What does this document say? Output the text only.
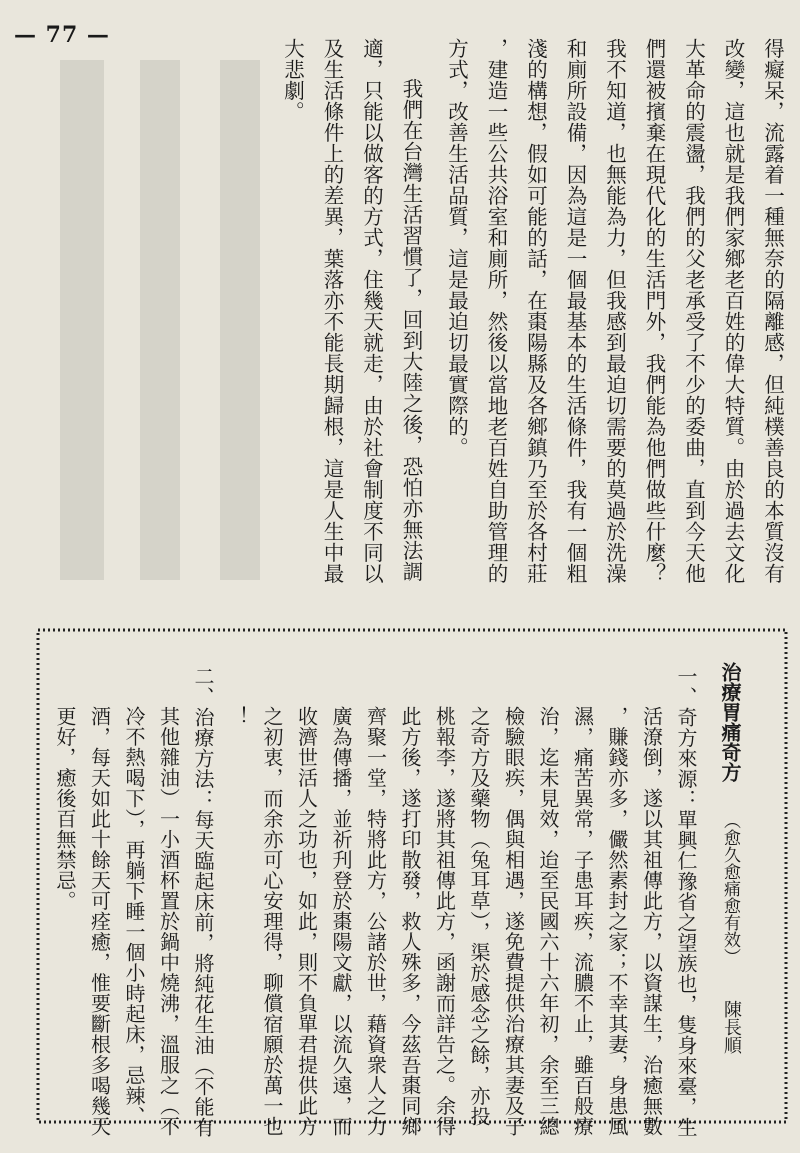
— 77 —
得癡呆，流露着一種無奈的隔離感，但純樸善良的本質沒有
改變，這也就是我們家鄉老百姓的偉大特質。由於過去文化
大革命的震盪，我們的父老承受了不少的委曲，直到今天他
們還被擯棄在現代化的生活門外，我們能為他們做些什麼？
我不知道，也無能為力，但我感到最迫切需要的莫過於洗澡
和廁所設備，因為這是一個最基本的生活條件，我有一個粗
淺的構想，假如可能的話，在棗陽縣及各鄉鎮乃至於各村莊
，建造一些公共浴室和廁所，然後以當地老百姓自助管理的
方式，改善生活品質，這是最迫切最實際的。
我們在台灣生活習慣了，回到大陸之後，恐怕亦無法調
適，只能以做客的方式，住幾天就走，由於社會制度不同以
及生活條件上的差異，葉落亦不能長期歸根，這是人生中最
大悲劇。
治療胃痛奇方
（愈久愈痛愈有效）
陳長順
一、奇方來源：單興仁豫省之望族也，隻身來臺，生
活潦倒，遂以其祖傳此方，以資謀生，治癒無數
，賺錢亦多，儼然素封之家；不幸其妻，身患風
濕，痛苦異常，子患耳疾，流膿不止，雖百般療
治，迄未見效，迨至民國六十六年初，余至三總
檢驗眼疾，偶與相遇，遂免費提供治療其妻及子
之奇方及藥物（兔耳草），渠於感念之餘，亦投
桃報李，遂將其祖傳此方，函謝而詳告之。余得
此方後，遂打印散發，救人殊多，今茲吾棗同鄉
齊聚一堂，特將此方，公諸於世，藉資衆人之力
廣為傳播，並祈刋登於棗陽文獻，以流久遠，而
收濟世活人之功也，如此，則不負單君提供此方
之初衷，而余亦可心安理得，聊償宿願於萬一也
！
二、治療方法：每天臨起床前，將純花生油（不能有
其他雜油）一小酒杯置於鍋中燒沸，溫服之（不
冷不熱喝下），再躺下睡一個小時起床，忌辣、
酒，每天如此十餘天可痊癒，惟要斷根多喝幾天
更好，癒後百無禁忌。
